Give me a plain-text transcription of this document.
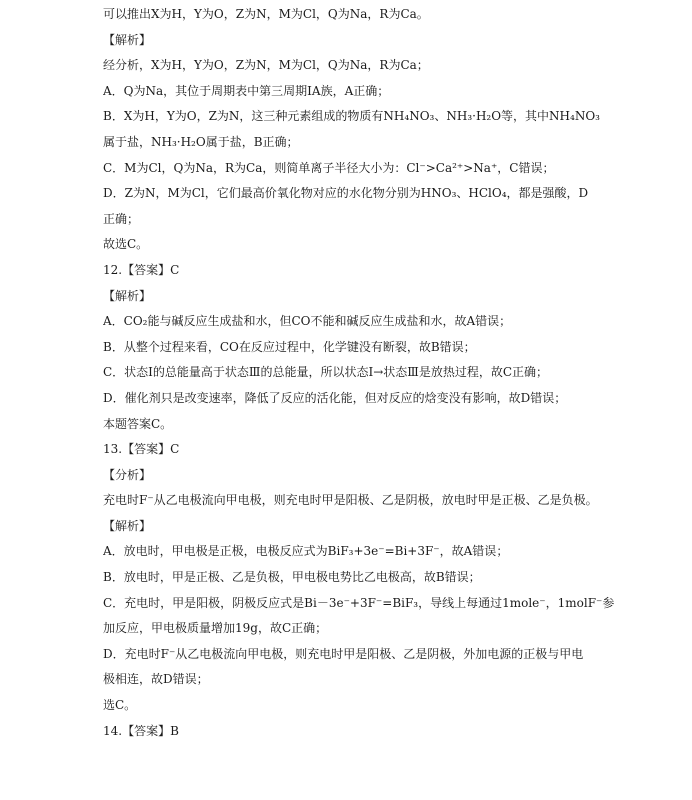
可以推出X为H，Y为O，Z为N，M为Cl，Q为Na，R为Ca。
【解析】
经分析，X为H，Y为O，Z为N，M为Cl，Q为Na，R为Ca；
A．Q为Na，其位于周期表中第三周期ⅠA族，A正确；
B．X为H，Y为O，Z为N，这三种元素组成的物质有NH₄NO₃、NH₃·H₂O等，其中NH₄NO₃
属于盐，NH₃·H₂O属于盐，B正确；
C．M为Cl，Q为Na，R为Ca，则简单离子半径大小为：Cl⁻>Ca²⁺>Na⁺，C错误；
D．Z为N，M为Cl，它们最高价氧化物对应的水化物分别为HNO₃、HClO₄，都是强酸，D
正确；
故选C。
12.【答案】C
【解析】
A．CO₂能与碱反应生成盐和水，但CO不能和碱反应生成盐和水，故A错误；
B．从整个过程来看，CO在反应过程中，化学键没有断裂，故B错误；
C．状态Ⅰ的总能量高于状态Ⅲ的总能量，所以状态Ⅰ→状态Ⅲ是放热过程，故C正确；
D．催化剂只是改变速率，降低了反应的活化能，但对反应的焓变没有影响，故D错误；
本题答案C。
13.【答案】C
【分析】
充电时F⁻从乙电极流向甲电极，则充电时甲是阳极、乙是阴极，放电时甲是正极、乙是负极。
【解析】
A．放电时，甲电极是正极，电极反应式为BiF₃+3e⁻=Bi+3F⁻，故A错误；
B．放电时，甲是正极、乙是负极，甲电极电势比乙电极高，故B错误；
C．充电时，甲是阳极，阴极反应式是Bi－3e⁻+3F⁻=BiF₃，导线上每通过1mole⁻，1molF⁻参
加反应，甲电极质量增加19g，故C正确；
D．充电时F⁻从乙电极流向甲电极，则充电时甲是阳极、乙是阴极，外加电源的正极与甲电
极相连，故D错误；
选C。
14.【答案】B
